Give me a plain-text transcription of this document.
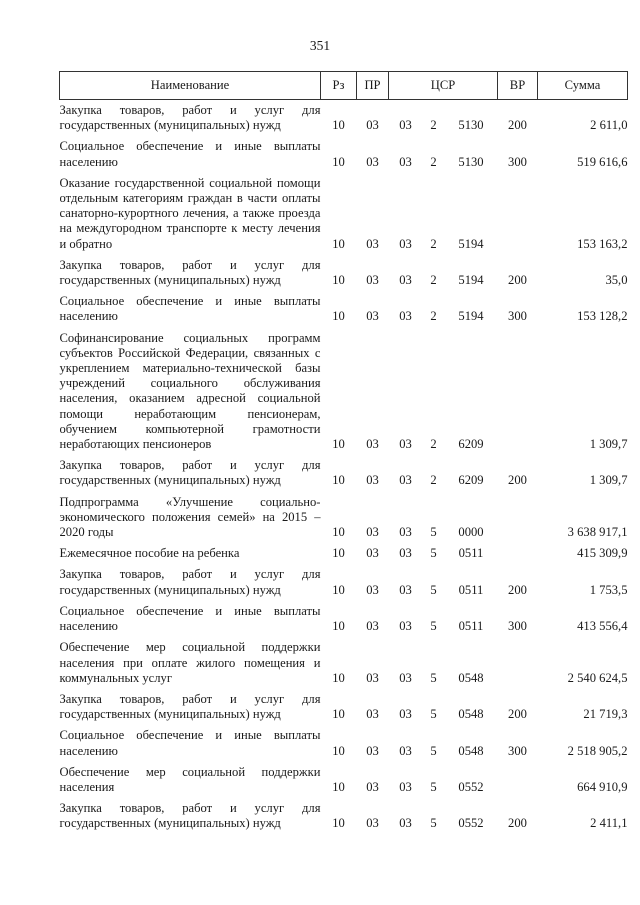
351
Наименование	Рз	ПР	ЦСР			ВР	Сумма
Закупка товаров, работ и услуг для государственных (муниципальных) нужд	10	03	03	2	5130	200	2 611,0
Социальное обеспечение и иные выплаты населению	10	03	03	2	5130	300	519 616,6
Оказание государственной социальной помощи отдельным категориям граждан в части оплаты санаторно-курортного лечения, а также проезда на междугородном транспорте к месту лечения и обратно	10	03	03	2	5194		153 163,2
Закупка товаров, работ и услуг для государственных (муниципальных) нужд	10	03	03	2	5194	200	35,0
Социальное обеспечение и иные выплаты населению	10	03	03	2	5194	300	153 128,2
Софинансирование социальных программ субъектов Российской Федерации, связанных с укреплением материально-технической базы учреждений социального обслуживания населения, оказанием адресной социальной помощи неработающим пенсионерам, обучением компьютерной грамотности неработающих пенсионеров	10	03	03	2	6209		1 309,7
Закупка товаров, работ и услуг для государственных (муниципальных) нужд	10	03	03	2	6209	200	1 309,7
Подпрограмма «Улучшение социально-экономического положения семей» на 2015 – 2020 годы	10	03	03	5	0000		3 638 917,1
Ежемесячное пособие на ребенка	10	03	03	5	0511		415 309,9
Закупка товаров, работ и услуг для государственных (муниципальных) нужд	10	03	03	5	0511	200	1 753,5
Социальное обеспечение и иные выплаты населению	10	03	03	5	0511	300	413 556,4
Обеспечение мер социальной поддержки населения при оплате жилого помещения и коммунальных услуг	10	03	03	5	0548		2 540 624,5
Закупка товаров, работ и услуг для государственных (муниципальных) нужд	10	03	03	5	0548	200	21 719,3
Социальное обеспечение и иные выплаты населению	10	03	03	5	0548	300	2 518 905,2
Обеспечение мер социальной поддержки населения	10	03	03	5	0552		664 910,9
Закупка товаров, работ и услуг для государственных (муниципальных) нужд	10	03	03	5	0552	200	2 411,1
